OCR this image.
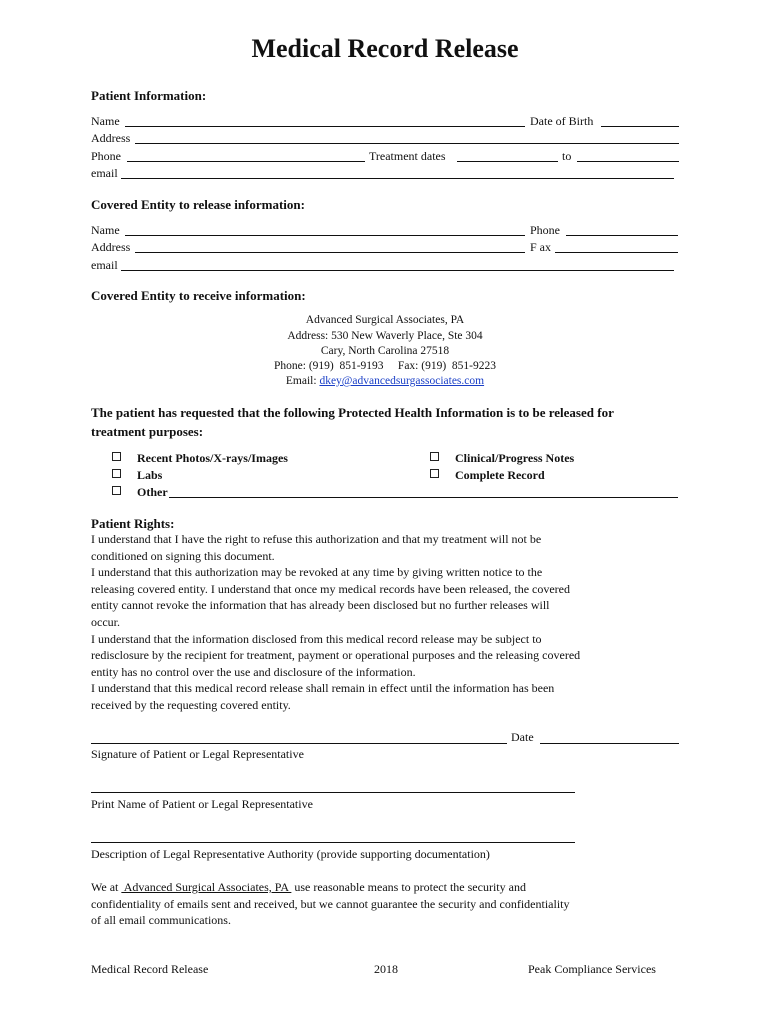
Medical Record Release
Patient Information:
Name	Date of Birth
Address
Phone	Treatment dates	to
email
Covered Entity to release information:
Name	Phone
Address	F ax
email
Covered Entity to receive information:
Advanced Surgical Associates, PA
Address: 530 New Waverly Place, Ste 304
Cary, North Carolina 27518
Phone: (919)  851-9193     Fax: (919)  851-9223
Email: dkey@advancedsurgassociates.com
The patient has requested that the following Protected Health Information is to be released for
treatment purposes:
Recent Photos/X-rays/Images
Labs
Other
Clinical/Progress Notes
Complete Record
Patient Rights:
I understand that I have the right to refuse this authorization and that my treatment will not be
conditioned on signing this document.
I understand that this authorization may be revoked at any time by giving written notice to the
releasing covered entity. I understand that once my medical records have been released, the covered
entity cannot revoke the information that has already been disclosed but no further releases will
occur.
I understand that the information disclosed from this medical record release may be subject to
redisclosure by the recipient for treatment, payment or operational purposes and the releasing covered
entity has no control over the use and disclosure of the information.
I understand that this medical record release shall remain in effect until the information has been
received by the requesting covered entity.
Date
Signature of Patient or Legal Representative
Print Name of Patient or Legal Representative
Description of Legal Representative Authority (provide supporting documentation)
We at  Advanced Surgical Associates, PA  use reasonable means to protect the security and
confidentiality of emails sent and received, but we cannot guarantee the security and confidentiality
of all email communications.
Medical Record Release	2018	Peak Compliance Services
